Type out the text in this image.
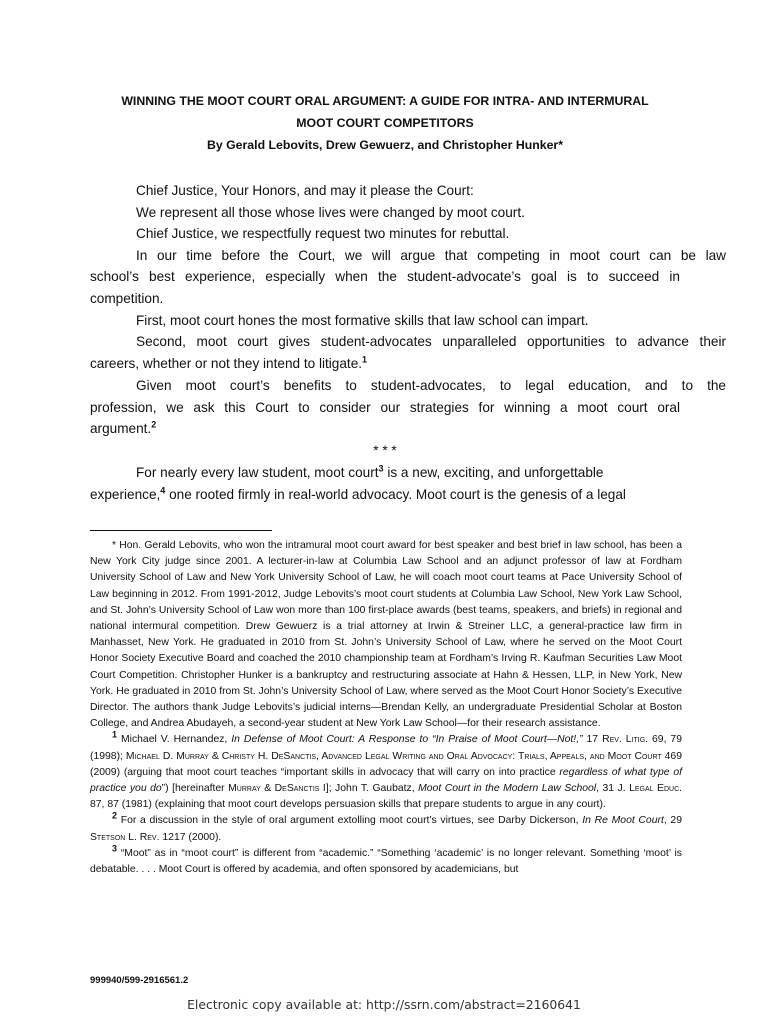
WINNING THE MOOT COURT ORAL ARGUMENT: A GUIDE FOR INTRA- AND INTERMURAL
MOOT COURT COMPETITORS
By Gerald Lebovits, Drew Gewuerz, and Christopher Hunker*
Chief Justice, Your Honors, and may it please the Court:
We represent all those whose lives were changed by moot court.
Chief Justice, we respectfully request two minutes for rebuttal.
In our time before the Court, we will argue that competing in moot court can be law
school’s best experience, especially when the student-advocate’s goal is to succeed in
competition.
First, moot court hones the most formative skills that law school can impart.
Second, moot court gives student-advocates unparalleled opportunities to advance their
careers, whether or not they intend to litigate.$^1$
Given moot court’s benefits to student-advocates, to legal education, and to the
profession, we ask this Court to consider our strategies for winning a moot court oral
argument.$^2$
* * *
For nearly every law student, moot court$^3$ is a new, exciting, and unforgettable
experience,$^4$ one rooted firmly in real-world advocacy. Moot court is the genesis of a legal

* Hon. Gerald Lebovits, who won the intramural moot court award for best speaker and best brief in law school, has been a New York City judge since 2001. A lecturer-in-law at Columbia Law School and an adjunct professor of law at Fordham University School of Law and New York University School of Law, he will coach moot court teams at Pace University School of Law beginning in 2012. From 1991-2012, Judge Lebovits’s moot court students at Columbia Law School, New York Law School, and St. John’s University School of Law won more than 100 first-place awards (best teams, speakers, and briefs) in regional and national intermural competition. Drew Gewuerz is a trial attorney at Irwin & Streiner LLC, a general-practice law firm in Manhasset, New York. He graduated in 2010 from St. John’s University School of Law, where he served on the Moot Court Honor Society Executive Board and coached the 2010 championship team at Fordham’s Irving R. Kaufman Securities Law Moot Court Competition. Christopher Hunker is a bankruptcy and restructuring associate at Hahn & Hessen, LLP, in New York, New York. He graduated in 2010 from St. John’s University School of Law, where served as the Moot Court Honor Society’s Executive Director. The authors thank Judge Lebovits’s judicial interns—Brendan Kelly, an undergraduate Presidential Scholar at Boston College, and Andrea Abudayeh, a second-year student at New York Law School—for their research assistance.

$^1$ Michael V. Hernandez, In Defense of Moot Court: A Response to “In Praise of Moot Court—Not!,” 17 Rev. Litig. 69, 79 (1998); Michael D. Murray & Christy H. DeSanctis, Advanced Legal Writing and Oral Advocacy: Trials, Appeals, and Moot Court 469 (2009) (arguing that moot court teaches “important skills in advocacy that will carry on into practice regardless of what type of practice you do”) [hereinafter Murray & DeSanctis I]; John T. Gaubatz, Moot Court in the Modern Law School, 31 J. Legal Educ. 87, 87 (1981) (explaining that moot court develops persuasion skills that prepare students to argue in any court).

$^2$ For a discussion in the style of oral argument extolling moot court’s virtues, see Darby Dickerson, In Re Moot Court, 29 Stetson L. Rev. 1217 (2000).

$^3$ “Moot” as in “moot court” is different from “academic.” “Something ‘academic’ is no longer relevant. Something ‘moot’ is debatable. . . . Moot Court is offered by academia, and often sponsored by academicians, but

999940/599-2916561.2
Electronic copy available at: http://ssrn.com/abstract=2160641
